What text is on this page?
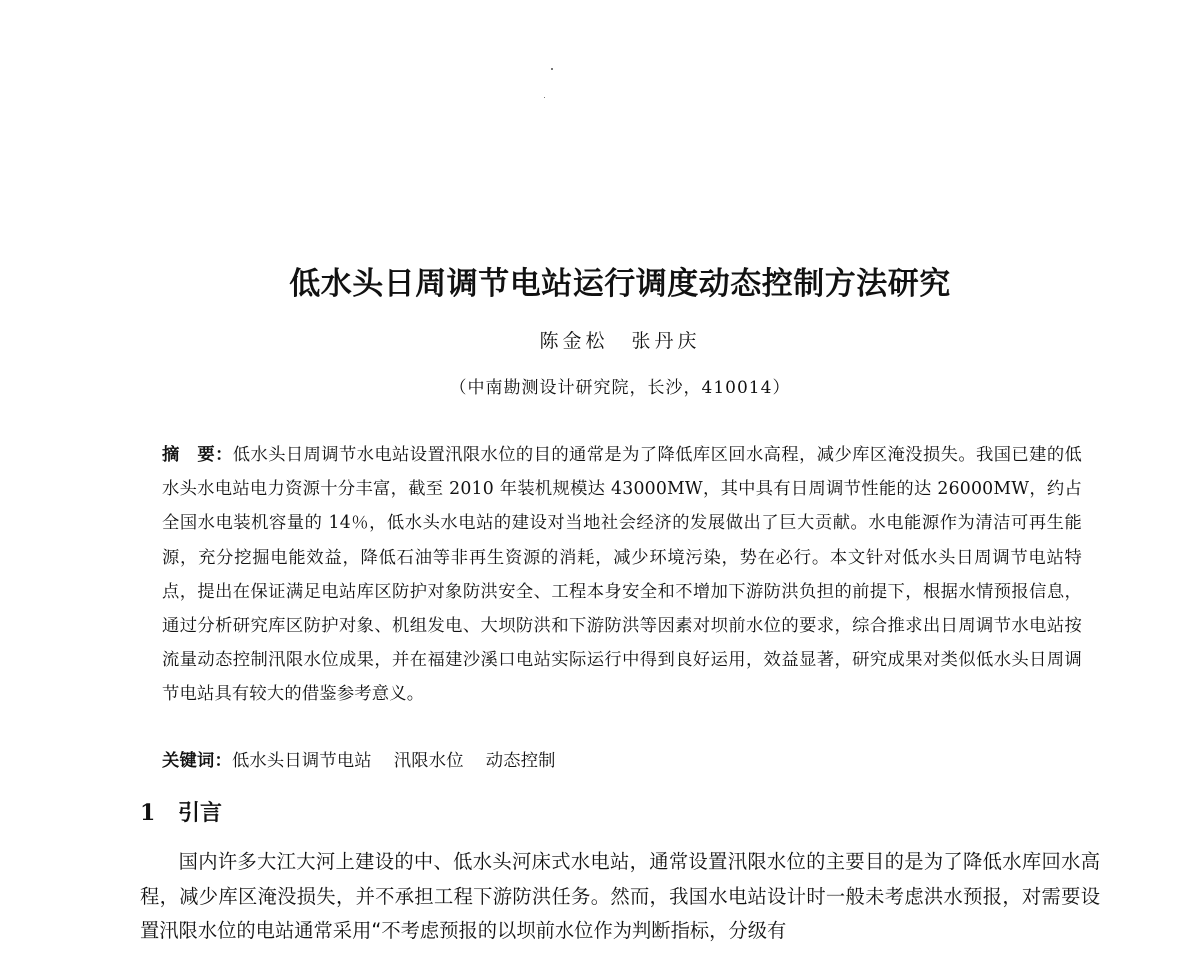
低水头日周调节电站运行调度动态控制方法研究
陈金松　张丹庆
（中南勘测设计研究院，长沙，410014）

摘　要：低水头日周调节水电站设置汛限水位的目的通常是为了降低库区回水高程，减少库区淹没损失。我国已建的低水头水电站电力资源十分丰富，截至 2010 年装机规模达 43000MW，其中具有日周调节性能的达 26000MW，约占全国水电装机容量的 14％，低水头水电站的建设对当地社会经济的发展做出了巨大贡献。水电能源作为清洁可再生能源，充分挖掘电能效益，降低石油等非再生资源的消耗，减少环境污染，势在必行。本文针对低水头日周调节电站特点，提出在保证满足电站库区防护对象防洪安全、工程本身安全和不增加下游防洪负担的前提下，根据水情预报信息，通过分析研究库区防护对象、机组发电、大坝防洪和下游防洪等因素对坝前水位的要求，综合推求出日周调节水电站按流量动态控制汛限水位成果，并在福建沙溪口电站实际运行中得到良好运用，效益显著，研究成果对类似低水头日周调节电站具有较大的借鉴参考意义。

关键词：低水头日调节电站 汛限水位 动态控制
1 引言

国内许多大江大河上建设的中、低水头河床式水电站，通常设置汛限水位的主要目的是为了降低水库回水高程，减少库区淹没损失，并不承担工程下游防洪任务。然而，我国水电站设计时一般未考虑洪水预报，对需要设置汛限水位的电站通常采用“不考虑预报的以坝前水位作为判断指标，分级有
